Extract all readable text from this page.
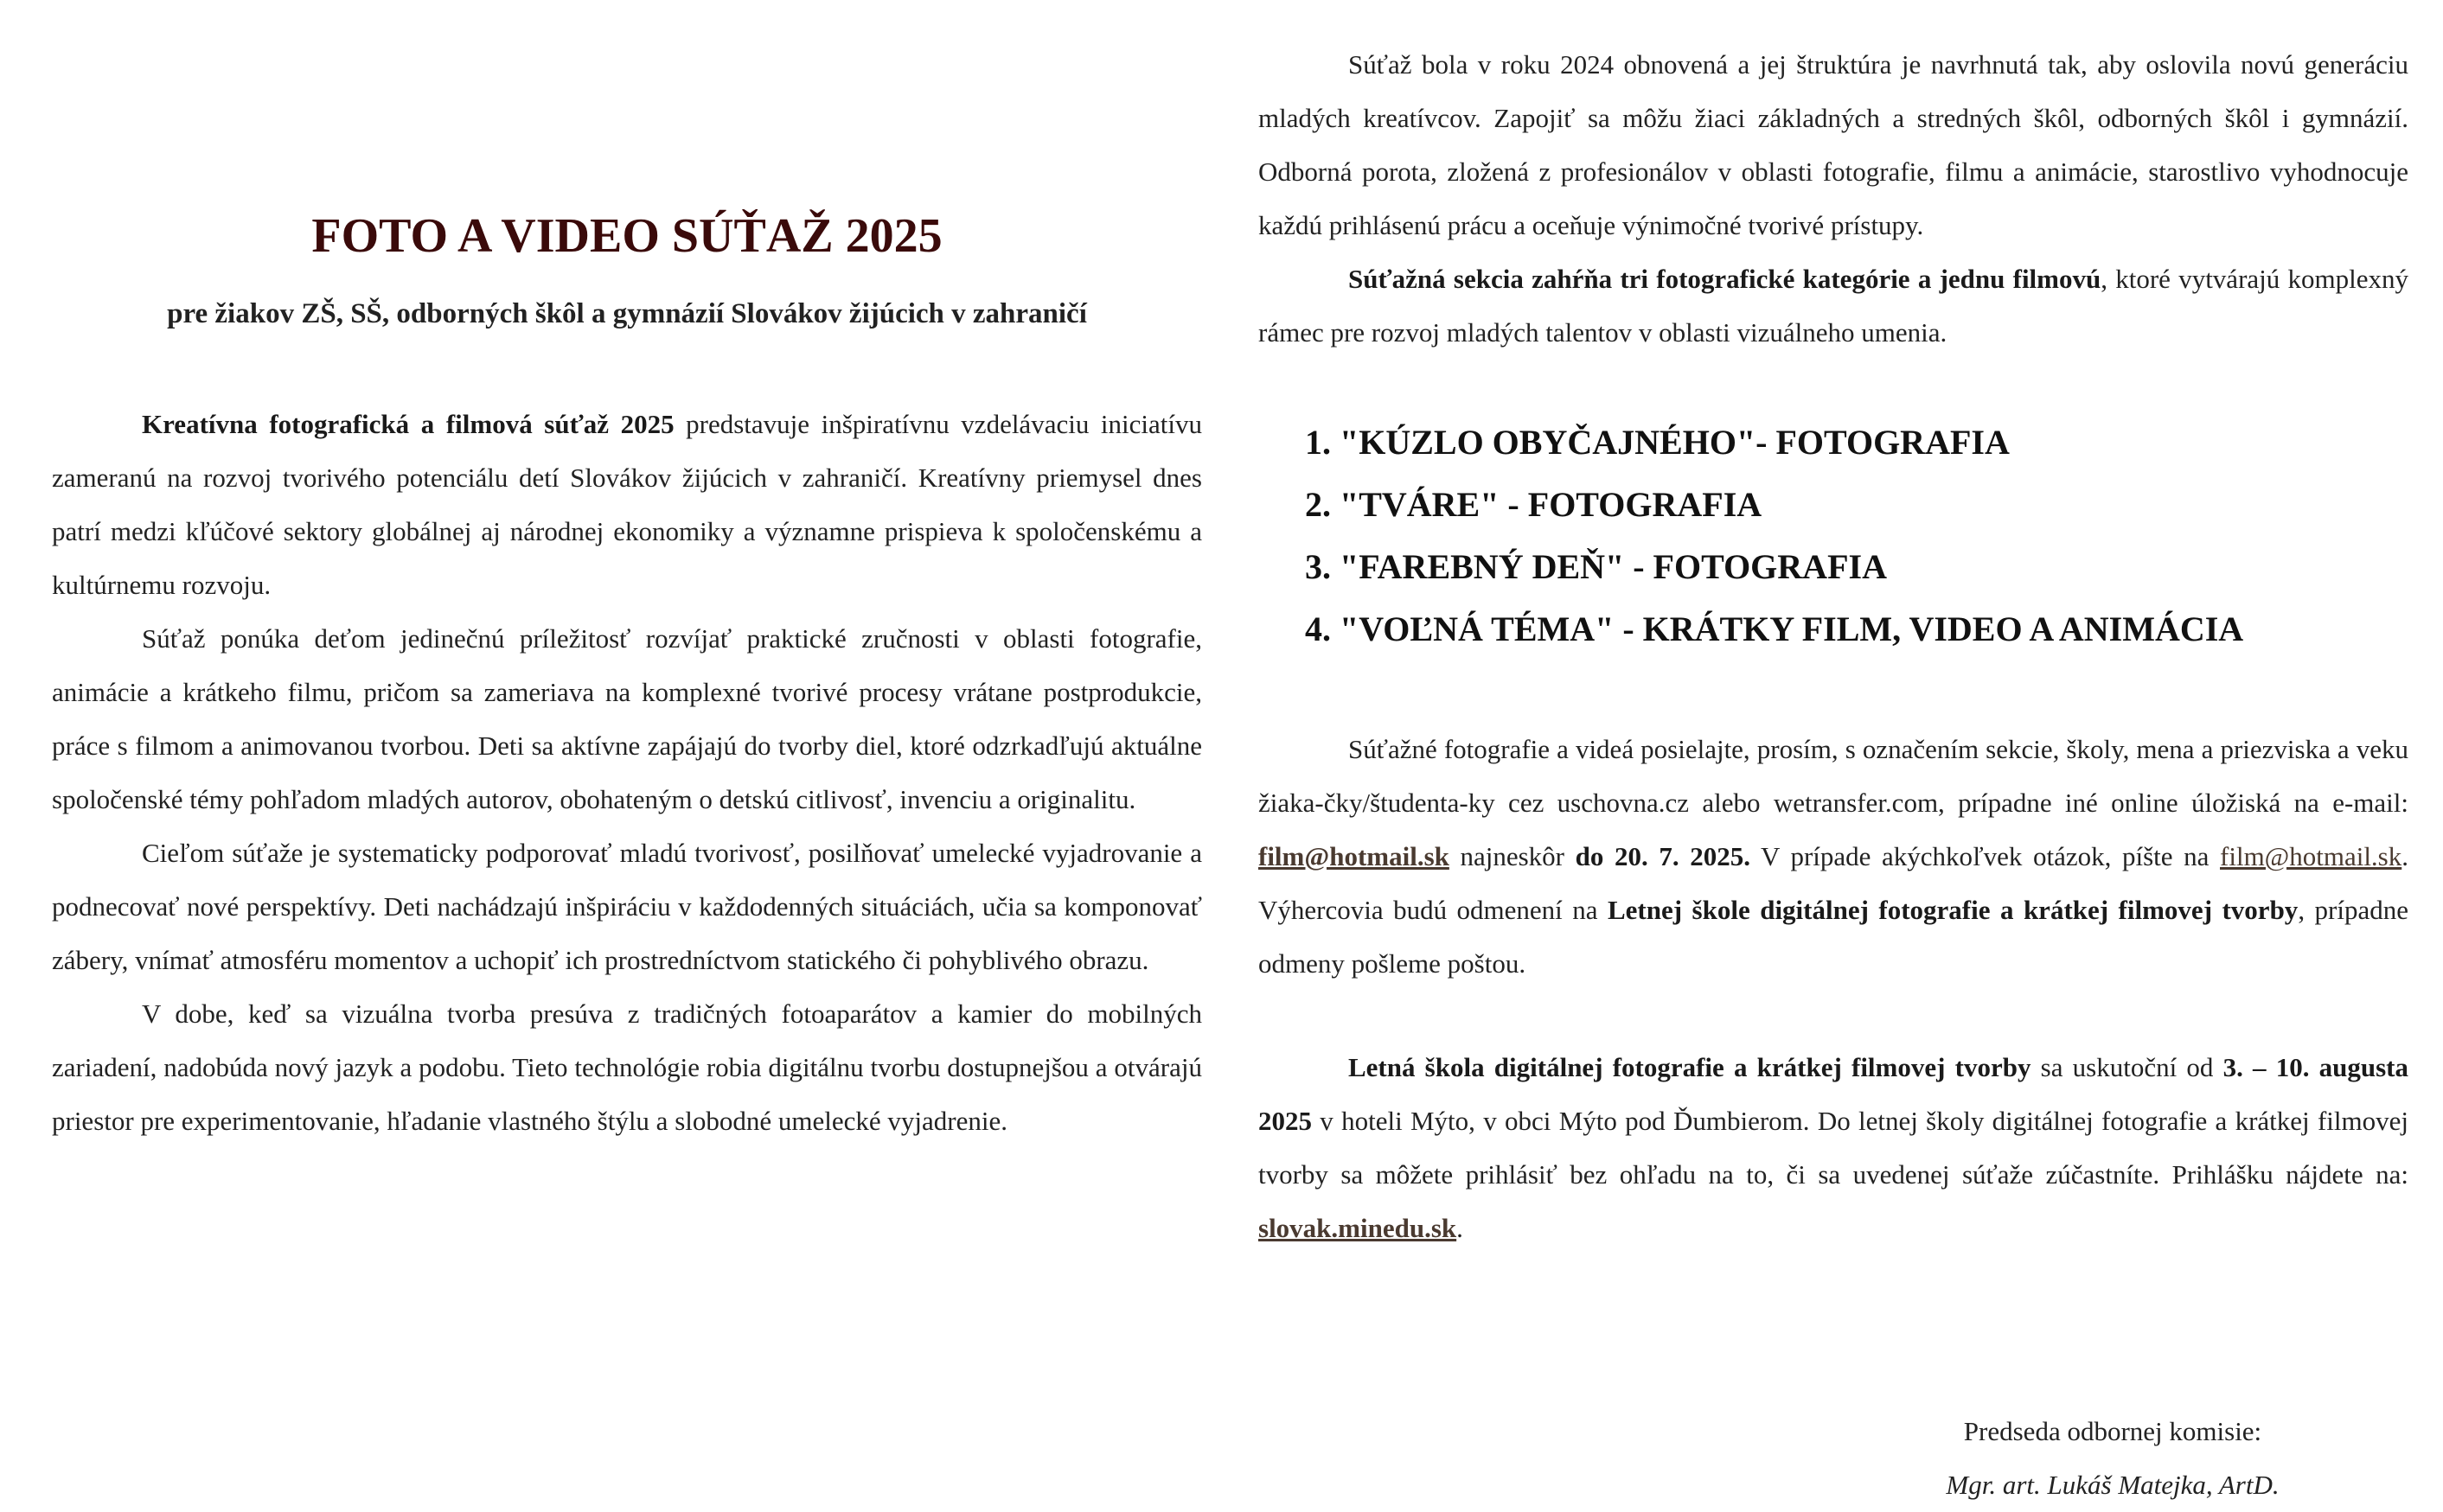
FOTO A VIDEO SÚŤAŽ 2025
pre žiakov ZŠ, SŠ, odborných škôl a gymnázií Slovákov žijúcich v zahraničí

Kreatívna fotografická a filmová súťaž 2025 predstavuje inšpiratívnu vzdelávaciu iniciatívu zameranú na rozvoj tvorivého potenciálu detí Slovákov žijúcich v zahraničí. Kreatívny priemysel dnes patrí medzi kľúčové sektory globálnej aj národnej ekonomiky a významne prispieva k spoločenskému a kultúrnemu rozvoju.

Súťaž ponúka deťom jedinečnú príležitosť rozvíjať praktické zručnosti v oblasti fotografie, animácie a krátkeho filmu, pričom sa zameriava na komplexné tvorivé procesy vrátane postprodukcie, práce s filmom a animovanou tvorbou. Deti sa aktívne zapájajú do tvorby diel, ktoré odzrkadľujú aktuálne spoločenské témy pohľadom mladých autorov, obohateným o detskú citlivosť, invenciu a originalitu.

Cieľom súťaže je systematicky podporovať mladú tvorivosť, posilňovať umelecké vyjadrovanie a podnecovať nové perspektívy. Deti nachádzajú inšpiráciu v každodenných situáciách, učia sa komponovať zábery, vnímať atmosféru momentov a uchopiť ich prostredníctvom statického či pohyblivého obrazu.

V dobe, keď sa vizuálna tvorba presúva z tradičných fotoaparátov a kamier do mobilných zariadení, nadobúda nový jazyk a podobu. Tieto technológie robia digitálnu tvorbu dostupnejšou a otvárajú priestor pre experimentovanie, hľadanie vlastného štýlu a slobodné umelecké vyjadrenie.

Súťaž bola v roku 2024 obnovená a jej štruktúra je navrhnutá tak, aby oslovila novú generáciu mladých kreatívcov. Zapojiť sa môžu žiaci základných a stredných škôl, odborných škôl i gymnázií. Odborná porota, zložená z profesionálov v oblasti fotografie, filmu a animácie, starostlivo vyhodnocuje každú prihlásenú prácu a oceňuje výnimočné tvorivé prístupy.

Súťažná sekcia zahŕňa tri fotografické kategórie a jednu filmovú, ktoré vytvárajú komplexný rámec pre rozvoj mladých talentov v oblasti vizuálneho umenia.

1. "KÚZLO OBYČAJNÉHO"- FOTOGRAFIA
2. "TVÁRE" - FOTOGRAFIA
3. "FAREBNÝ DEŇ" - FOTOGRAFIA
4. "VOĽNÁ TÉMA" - KRÁTKY FILM, VIDEO A ANIMÁCIA

Súťažné fotografie a videá posielajte, prosím, s označením sekcie, školy, mena a priezviska a veku žiaka-čky/študenta-ky cez uschovna.cz alebo wetransfer.com, prípadne iné online úložiská na e-mail: film@hotmail.sk najneskôr do 20. 7. 2025. V prípade akýchkoľvek otázok, píšte na film@hotmail.sk. Výhercovia budú odmenení na Letnej škole digitálnej fotografie a krátkej filmovej tvorby, prípadne odmeny pošleme poštou.

Letná škola digitálnej fotografie a krátkej filmovej tvorby sa uskutoční od 3. – 10. augusta 2025 v hoteli Mýto, v obci Mýto pod Ďumbierom. Do letnej školy digitálnej fotografie a krátkej filmovej tvorby sa môžete prihlásiť bez ohľadu na to, či sa uvedenej súťaže zúčastníte. Prihlášku nájdete na: slovak.minedu.sk.

Predseda odbornej komisie:
Mgr. art. Lukáš Matejka, ArtD.
